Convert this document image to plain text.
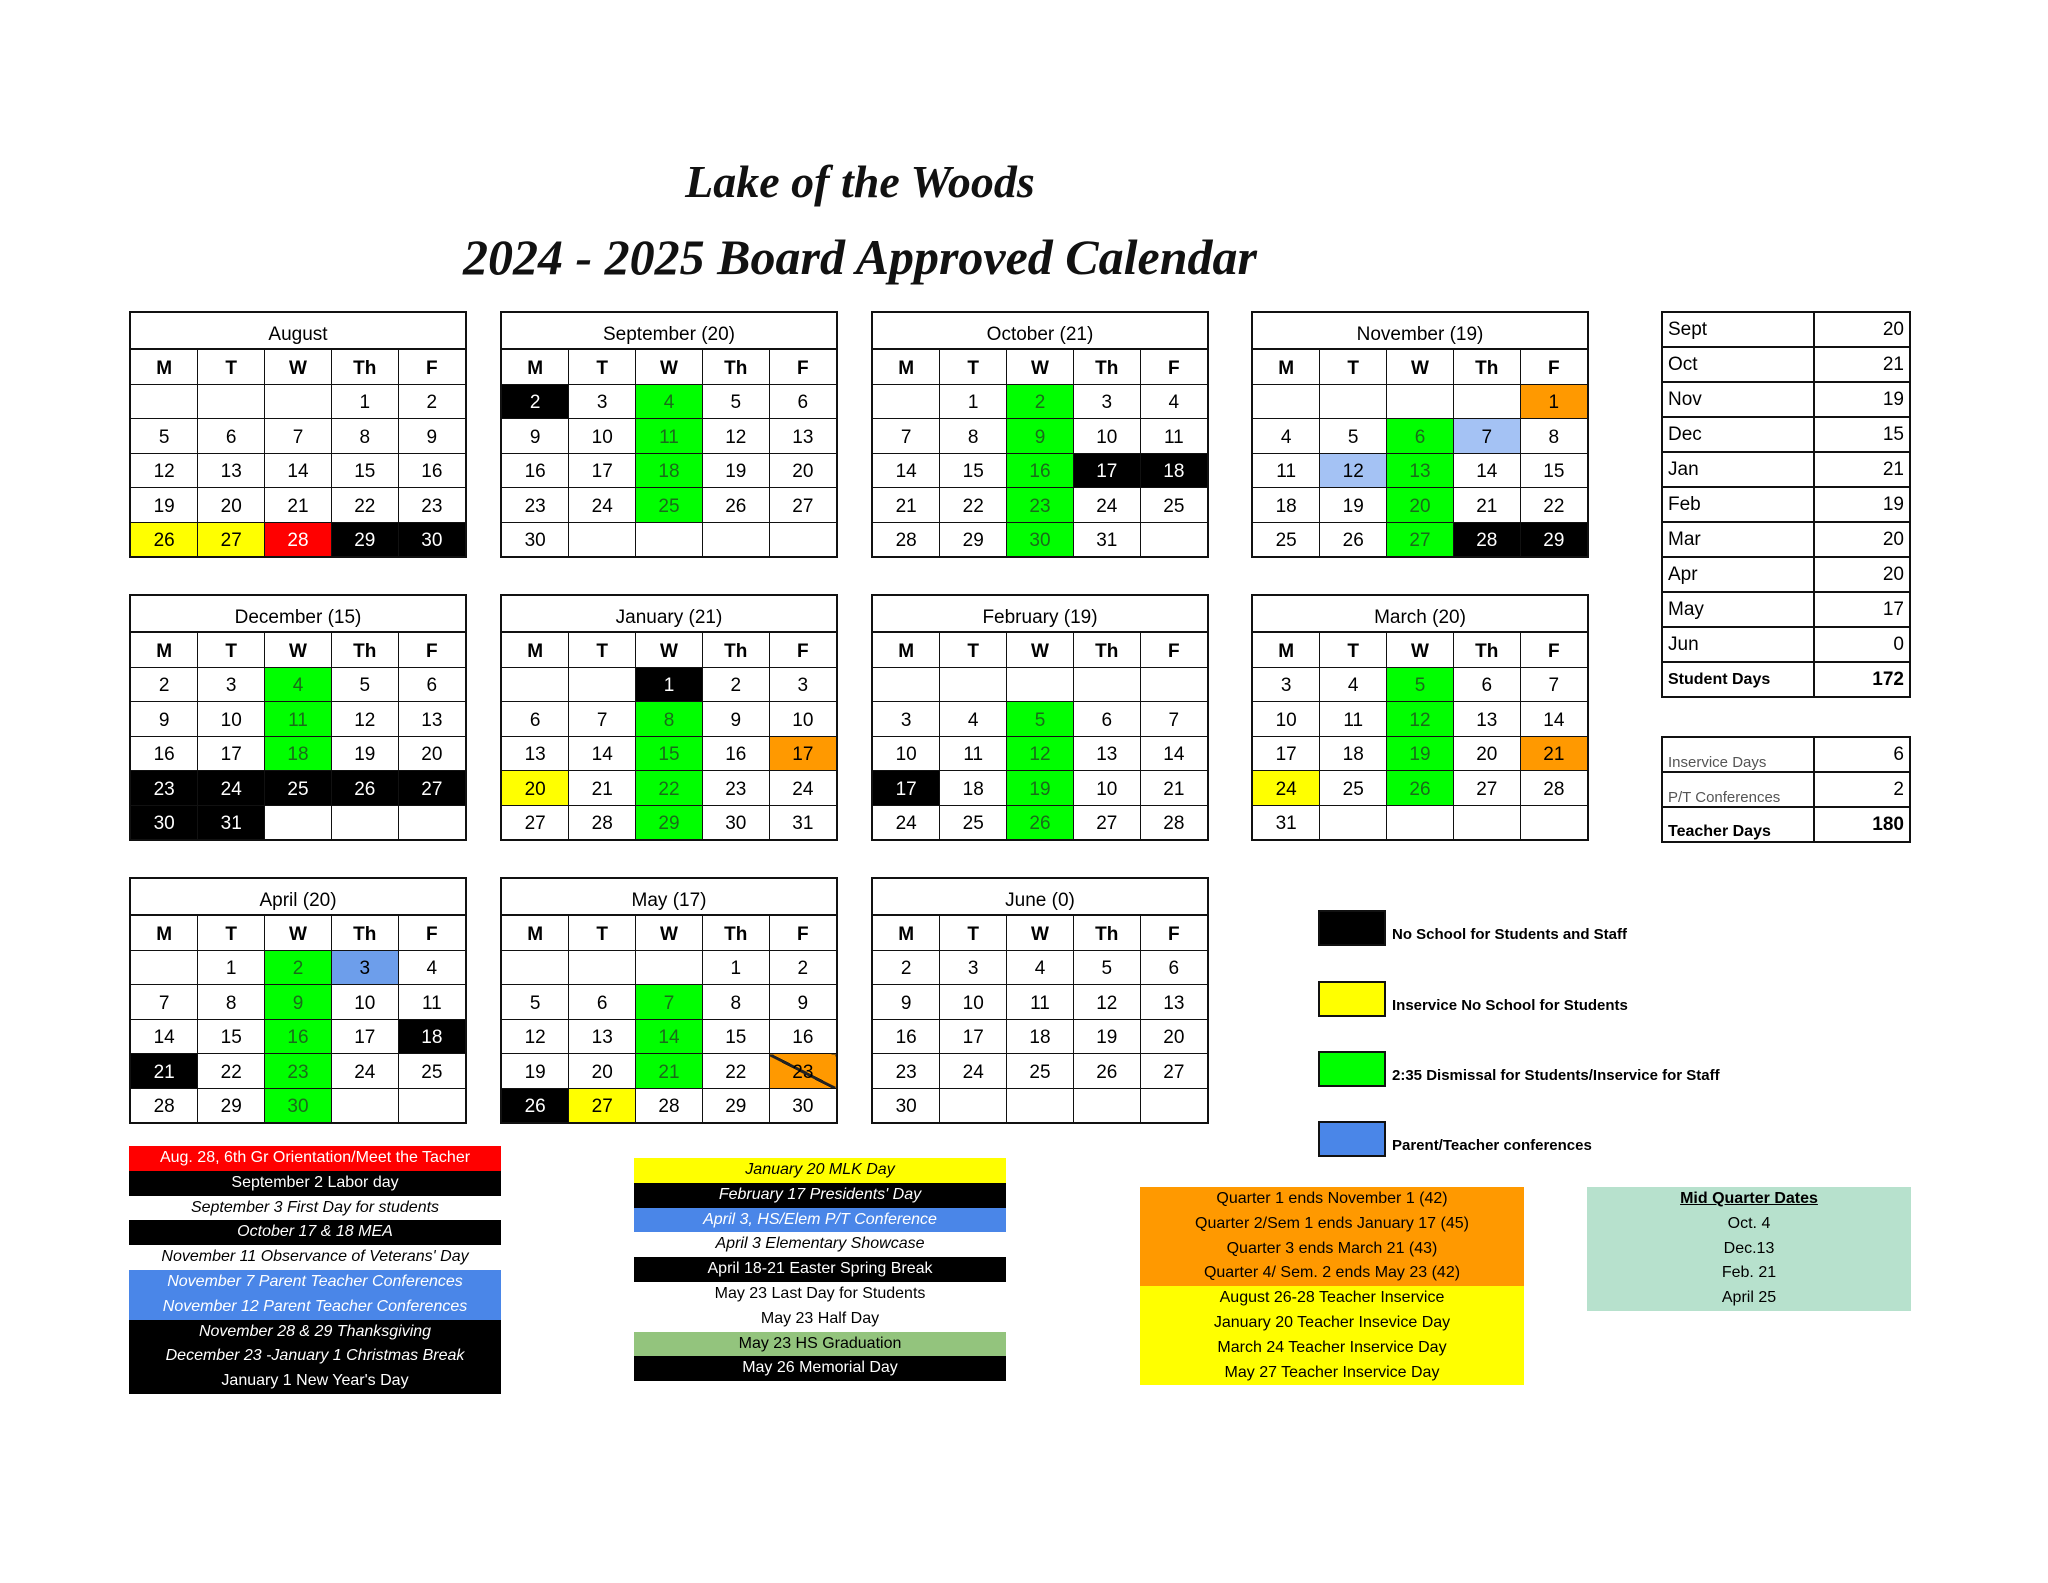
Lake of the Woods
2024 - 2025 Board Approved Calendar
August
M	T	W	Th	F
			1	2
5	6	7	8	9
12	13	14	15	16
19	20	21	22	23
26	27	28	29	30
September (20)
M	T	W	Th	F
2	3	4	5	6
9	10	11	12	13
16	17	18	19	20
23	24	25	26	27
30				
October (21)
M	T	W	Th	F
	1	2	3	4
7	8	9	10	11
14	15	16	17	18
21	22	23	24	25
28	29	30	31	
November (19)
M	T	W	Th	F
				1
4	5	6	7	8
11	12	13	14	15
18	19	20	21	22
25	26	27	28	29
December (15)
M	T	W	Th	F
2	3	4	5	6
9	10	11	12	13
16	17	18	19	20
23	24	25	26	27
30	31			
January (21)
M	T	W	Th	F
		1	2	3
6	7	8	9	10
13	14	15	16	17
20	21	22	23	24
27	28	29	30	31
February (19)
M	T	W	Th	F

3	4	5	6	7
10	11	12	13	14
17	18	19	10	21
24	25	26	27	28
March (20)
M	T	W	Th	F
3	4	5	6	7
10	11	12	13	14
17	18	19	20	21
24	25	26	27	28
31				
April (20)
M	T	W	Th	F
	1	2	3	4
7	8	9	10	11
14	15	16	17	18
21	22	23	24	25
28	29	30		
May (17)
M	T	W	Th	F
			1	2
5	6	7	8	9
12	13	14	15	16
19	20	21	22	23
26	27	28	29	30
June (0)
M	T	W	Th	F
2	3	4	5	6
9	10	11	12	13
16	17	18	19	20
23	24	25	26	27
30				
Sept	20
Oct	21
Nov	19
Dec	15
Jan	21
Feb	19
Mar	20
Apr	20
May	17
Jun	0
Student Days	172
Inservice Days	6
P/T Conferences	2
Teacher Days	180
No School for Students and Staff
Inservice No School for Students
2:35 Dismissal for Students/Inservice for Staff
Parent/Teacher conferences
Aug. 28, 6th Gr Orientation/Meet the Tacher
September 2 Labor day
September 3 First Day for students
October 17 & 18 MEA
November 11 Observance of Veterans' Day
November 7 Parent Teacher Conferences
November 12 Parent Teacher Conferences
November 28 & 29 Thanksgiving
December 23 -January 1 Christmas Break
January 1 New Year's Day
January 20 MLK Day
February 17 Presidents' Day
April 3, HS/Elem P/T Conference
April 3 Elementary Showcase
April 18-21 Easter Spring Break
May 23 Last Day for Students
May 23 Half Day
May 23 HS Graduation
May 26 Memorial Day
Quarter 1 ends November 1 (42)
Quarter 2/Sem 1 ends January 17 (45)
Quarter 3 ends March 21 (43)
Quarter 4/ Sem. 2 ends May 23 (42)
August 26-28 Teacher Inservice
January 20 Teacher Insevice Day
March 24 Teacher Inservice Day
May 27 Teacher Inservice Day
Mid Quarter Dates
Oct. 4
Dec.13
Feb. 21
April 25
